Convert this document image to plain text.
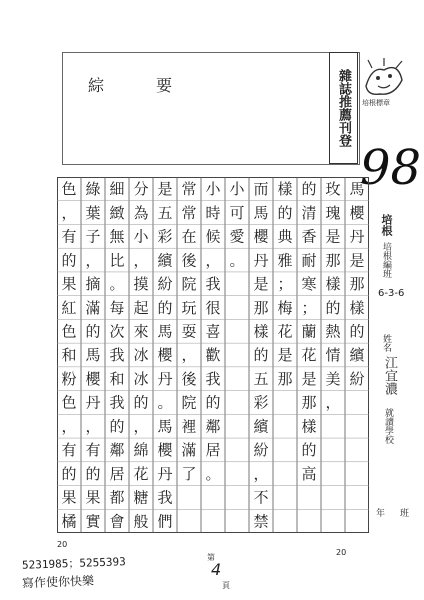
綜要	雜誌推薦刊登	培根標章
98
馬櫻丹是那樣的繽紛
玫瑰是那樣的熱情美，
的清香耐寒；蘭花是那樣的高
樣的典雅；梅花是那
而馬櫻丹是那樣的五彩繽紛，不禁
小可愛。
小時候，我很喜歡我的鄰居。
常常在後院玩耍，後院裡滿了
是五彩繽紛的馬櫻丹。馬櫻丹我們
分為小，摸起來冰冰的，綿花糖般
細緻無比。每次我和我的鄰居都會
綠葉子，摘滿的馬櫻丹，有的果實
色，有的果紅色和粉色，有的果橘
培根
培根編班
6-3-6
姓名
江宜濃
就讀學校
年 班
20
20
第
4
頁
5231985；5255393
寫作使你快樂
